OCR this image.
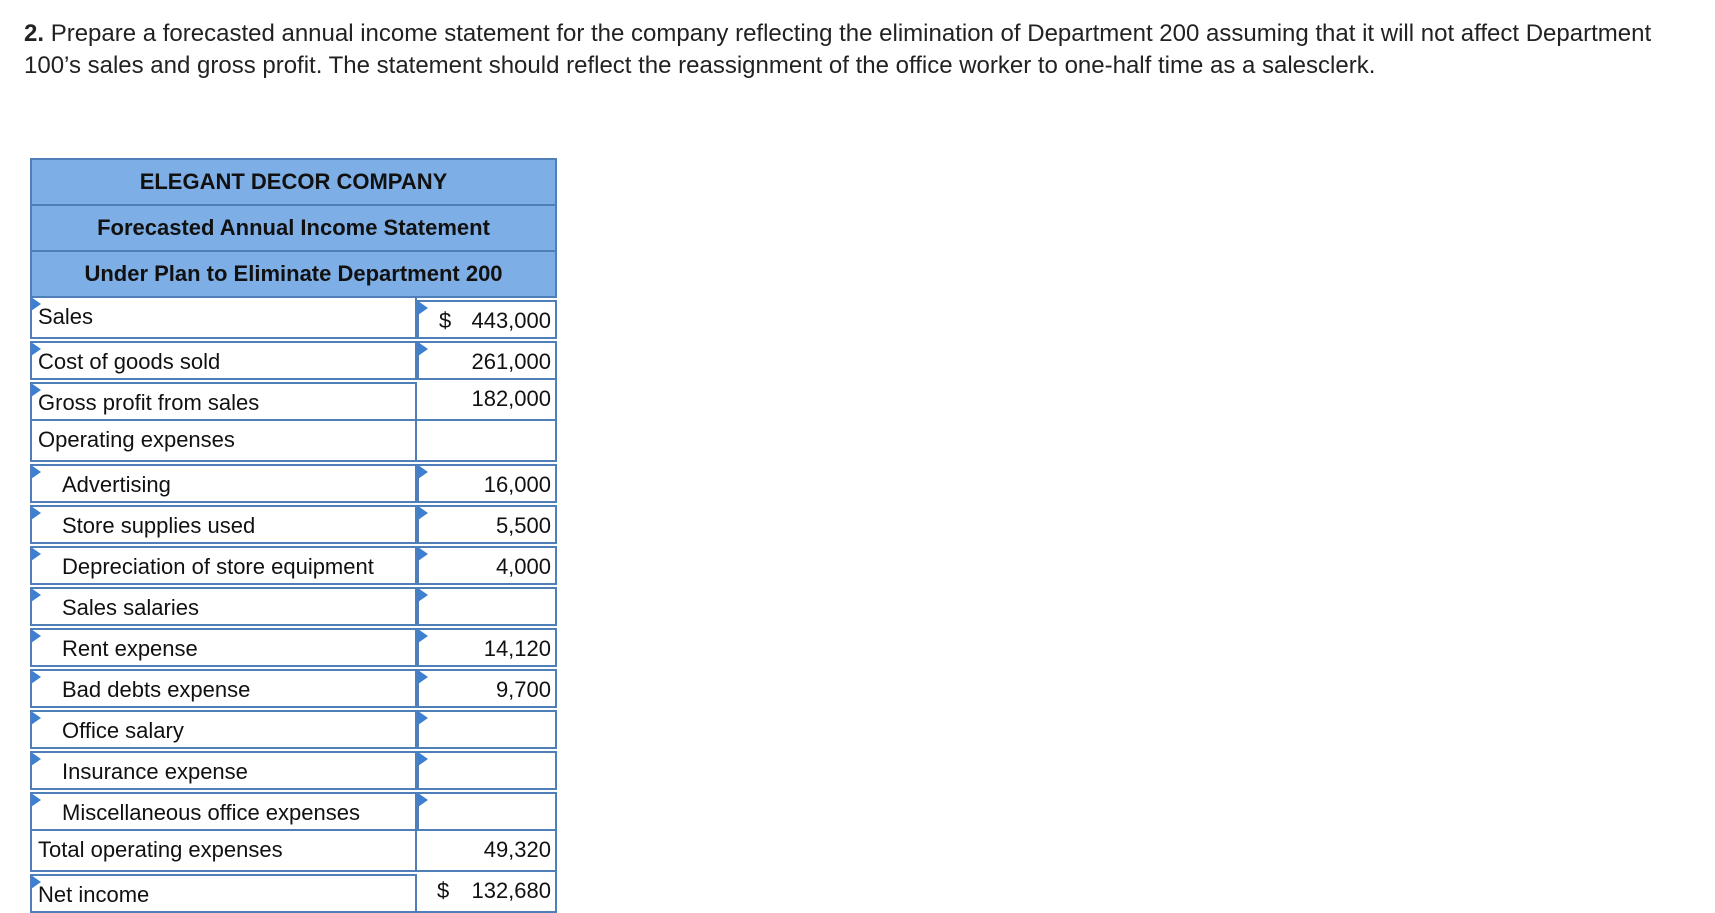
2. Prepare a forecasted annual income statement for the company reflecting the elimination of Department 200 assuming that it will not affect Department 100’s sales and gross profit. The statement should reflect the reassignment of the office worker to one-half time as a salesclerk.
ELEGANT DECOR COMPANY
Forecasted Annual Income Statement
Under Plan to Eliminate Department 200
Sales	$ 443,000
Cost of goods sold	261,000
Gross profit from sales	182,000
Operating expenses
Advertising	16,000
Store supplies used	5,500
Depreciation of store equipment	4,000
Sales salaries
Rent expense	14,120
Bad debts expense	9,700
Office salary
Insurance expense
Miscellaneous office expenses
Total operating expenses	49,320
Net income	$ 132,680
